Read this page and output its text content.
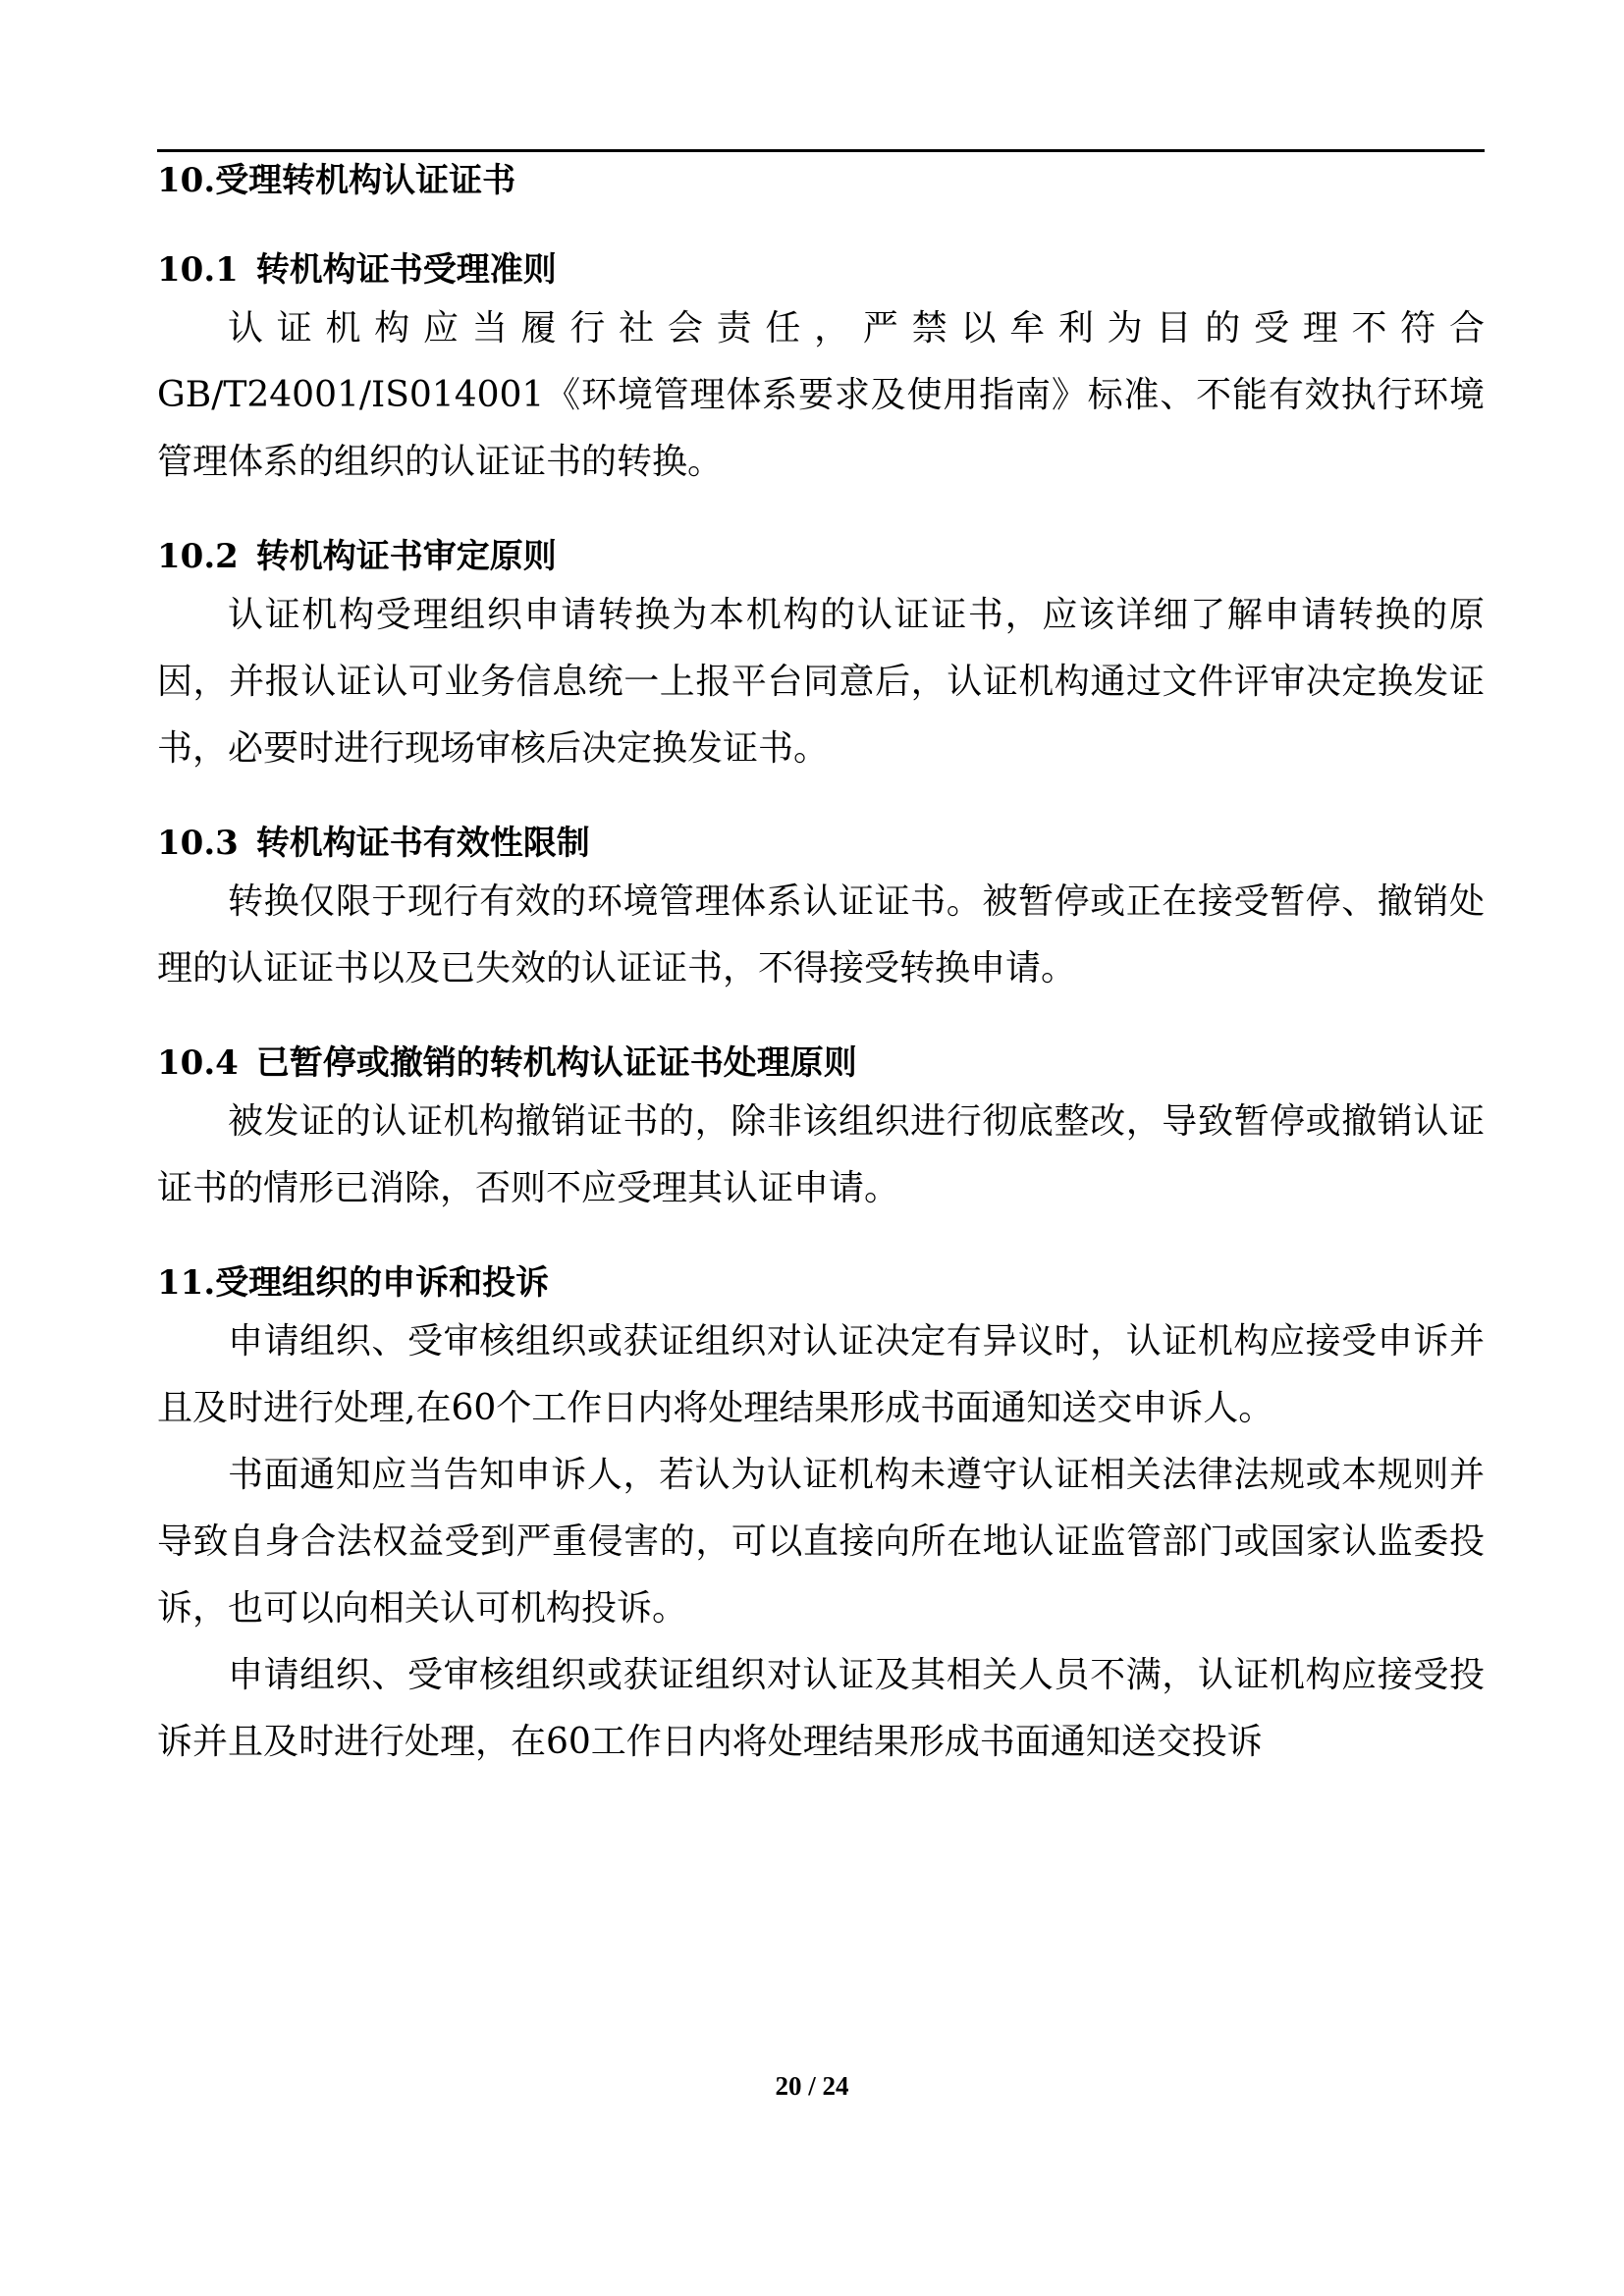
10.受理转机构认证证书
10.1 转机构证书受理准则

认证机构应当履行社会责任，严禁以牟利为目的受理不符合GB/T24001/IS014001《环境管理体系要求及使用指南》标准、不能有效执行环境管理体系的组织的认证证书的转换。

10.2 转机构证书审定原则

认证机构受理组织申请转换为本机构的认证证书，应该详细了解申请转换的原因，并报认证认可业务信息统一上报平台同意后，认证机构通过文件评审决定换发证书，必要时进行现场审核后决定换发证书。

10.3 转机构证书有效性限制

转换仅限于现行有效的环境管理体系认证证书。被暂停或正在接受暂停、撤销处理的认证证书以及已失效的认证证书，不得接受转换申请。

10.4 已暂停或撤销的转机构认证证书处理原则

被发证的认证机构撤销证书的，除非该组织进行彻底整改，导致暂停或撤销认证证书的情形已消除，否则不应受理其认证申请。

11.受理组织的申诉和投诉

申请组织、受审核组织或获证组织对认证决定有异议时，认证机构应接受申诉并且及时进行处理,在60个工作日内将处理结果形成书面通知送交申诉人。

书面通知应当告知申诉人，若认为认证机构未遵守认证相关法律法规或本规则并导致自身合法权益受到严重侵害的，可以直接向所在地认证监管部门或国家认监委投诉，也可以向相关认可机构投诉。

申请组织、受审核组织或获证组织对认证及其相关人员不满，认证机构应接受投诉并且及时进行处理，在60工作日内将处理结果形成书面通知送交投诉

20 / 24
